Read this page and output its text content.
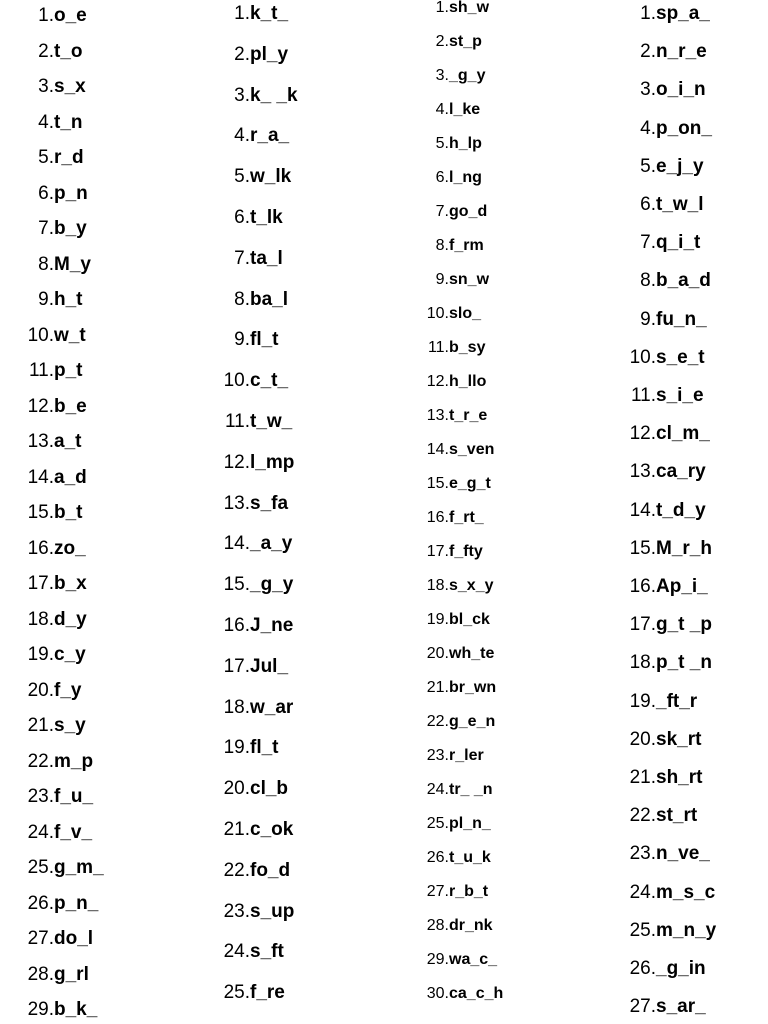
1.o_e
2.t_o
3.s_x
4.t_n
5.r_d
6.p_n
7.b_y
8.M_y
9.h_t
10.w_t
11.p_t
12.b_e
13.a_t
14.a_d
15.b_t
16.zo_
17.b_x
18.d_y
19.c_y
20.f_y
21.s_y
22.m_p
23.f_u_
24.f_v_
25.g_m_
26.p_n_
27.do_l
28.g_rl
29.b_k_
1.k_t_
2.pl_y
3.k_ _k
4.r_a_
5.w_lk
6.t_lk
7.ta_l
8.ba_l
9.fl_t
10.c_t_
11.t_w_
12.l_mp
13.s_fa
14._a_y
15._g_y
16.J_ne
17.Jul_
18.w_ar
19.fl_t
20.cl_b
21.c_ok
22.fo_d
23.s_up
24.s_ft
25.f_re
1.sh_w
2.st_p
3._g_y
4.l_ke
5.h_lp
6.l_ng
7.go_d
8.f_rm
9.sn_w
10.slo_
11.b_sy
12.h_llo
13.t_r_e
14.s_ven
15.e_g_t
16.f_rt_
17.f_fty
18.s_x_y
19.bl_ck
20.wh_te
21.br_wn
22.g_e_n
23.r_ler
24.tr_ _n
25.pl_n_
26.t_u_k
27.r_b_t
28.dr_nk
29.wa_c_
30.ca_c_h
1.sp_a_
2.n_r_e
3.o_i_n
4.p_on_
5.e_j_y
6.t_w_l
7.q_i_t
8.b_a_d
9.fu_n_
10.s_e_t
11.s_i_e
12.cl_m_
13.ca_ry
14.t_d_y
15.M_r_h
16.Ap_i_
17.g_t _p
18.p_t _n
19._ft_r
20.sk_rt
21.sh_rt
22.st_rt
23.n_ve_
24.m_s_c
25.m_n_y
26._g_in
27.s_ar_
